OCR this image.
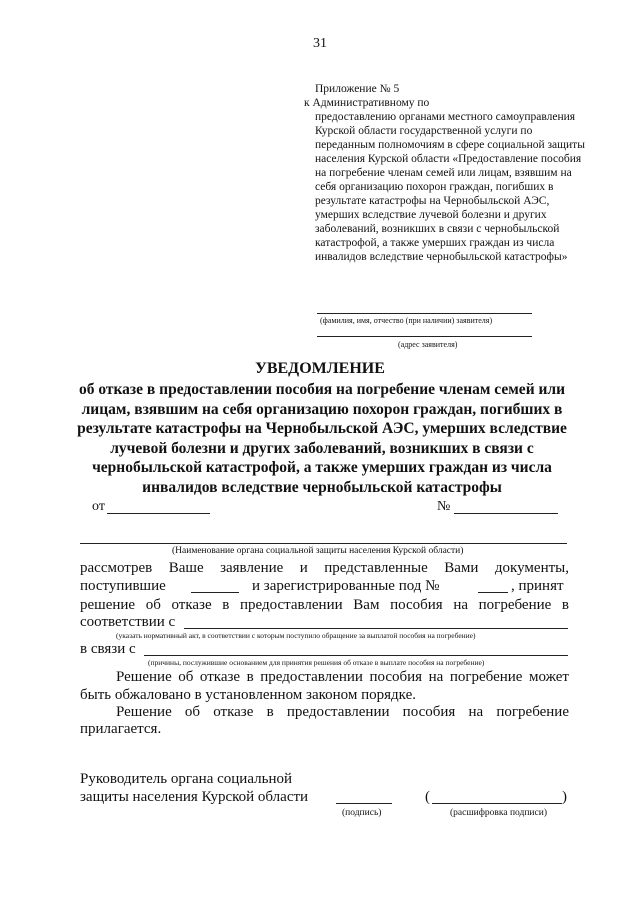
31
Приложение № 5
к Административному по
предоставлению органами местного самоуправления
Курской области государственной услуги по
переданным полномочиям в сфере социальной защиты
населения Курской области «Предоставление пособия
на погребение членам семей или лицам, взявшим на
себя организацию похорон граждан, погибших в
результате катастрофы на Чернобыльской АЭС,
умерших вследствие лучевой болезни и других
заболеваний, возникших в связи с чернобыльской
катастрофой, а также умерших граждан из числа
инвалидов вследствие чернобыльской катастрофы»
(фамилия, имя, отчество (при наличии) заявителя)
(адрес заявителя)
УВЕДОМЛЕНИЕ
об отказе в предоставлении пособия на погребение членам семей или
лицам, взявшим на себя организацию похорон граждан, погибших в
результате катастрофы на Чернобыльской АЭС, умерших вследствие
лучевой болезни и других заболеваний, возникших в связи с
чернобыльской катастрофой, а также умерших граждан из числа
инвалидов вследствие чернобыльской катастрофы
от	№
(Наименование органа социальной защиты населения Курской области)
рассмотрев Ваше заявление и представленные Вами документы,
поступившие	и зарегистрированные под №	, принят
решение об отказе в предоставлении Вам пособия на погребение в
соответствии с
(указать нормативный акт, в соответствии с которым поступило обращение за выплатой пособия на погребение)
в связи с
(причины, послужившие основанием для принятия решения об отказе в выплате пособия на погребение)
Решение об отказе в предоставлении пособия на погребение может
быть обжаловано в установленном законом порядке.
Решение об отказе в предоставлении пособия на погребение
прилагается.
Руководитель органа социальной
защиты населения Курской области
(подпись)
(	)
(расшифровка подписи)
